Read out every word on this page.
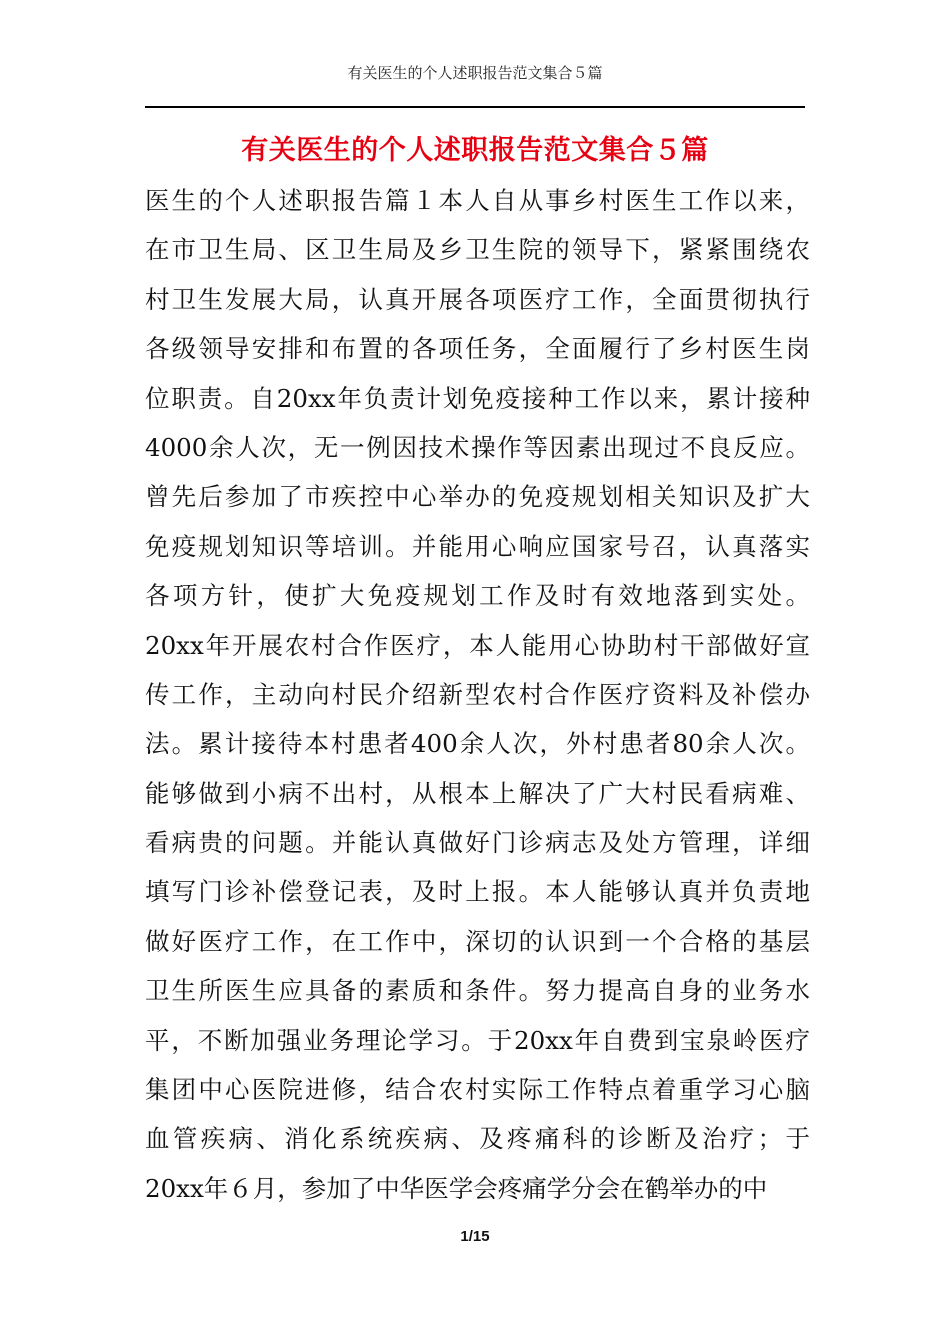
有关医生的个人述职报告范文集合５篇
有关医生的个人述职报告范文集合５篇
医生的个人述职报告篇１本人自从事乡村医生工作以来，
在市卫生局、区卫生局及乡卫生院的领导下，紧紧围绕农
村卫生发展大局，认真开展各项医疗工作，全面贯彻执行
各级领导安排和布置的各项任务，全面履行了乡村医生岗
位职责。自20xx年负责计划免疫接种工作以来，累计接种
4000余人次，无一例因技术操作等因素出现过不良反应。
曾先后参加了市疾控中心举办的免疫规划相关知识及扩大
免疫规划知识等培训。并能用心响应国家号召，认真落实
各项方针，使扩大免疫规划工作及时有效地落到实处。
20xx年开展农村合作医疗，本人能用心协助村干部做好宣
传工作，主动向村民介绍新型农村合作医疗资料及补偿办
法。累计接待本村患者400余人次，外村患者80余人次。
能够做到小病不出村，从根本上解决了广大村民看病难、
看病贵的问题。并能认真做好门诊病志及处方管理，详细
填写门诊补偿登记表，及时上报。本人能够认真并负责地
做好医疗工作，在工作中，深切的认识到一个合格的基层
卫生所医生应具备的素质和条件。努力提高自身的业务水
平，不断加强业务理论学习。于20xx年自费到宝泉岭医疗
集团中心医院进修，结合农村实际工作特点着重学习心脑
血管疾病、消化系统疾病、及疼痛科的诊断及治疗；于
20xx年６月，参加了中华医学会疼痛学分会在鹤举办的中
1/15
